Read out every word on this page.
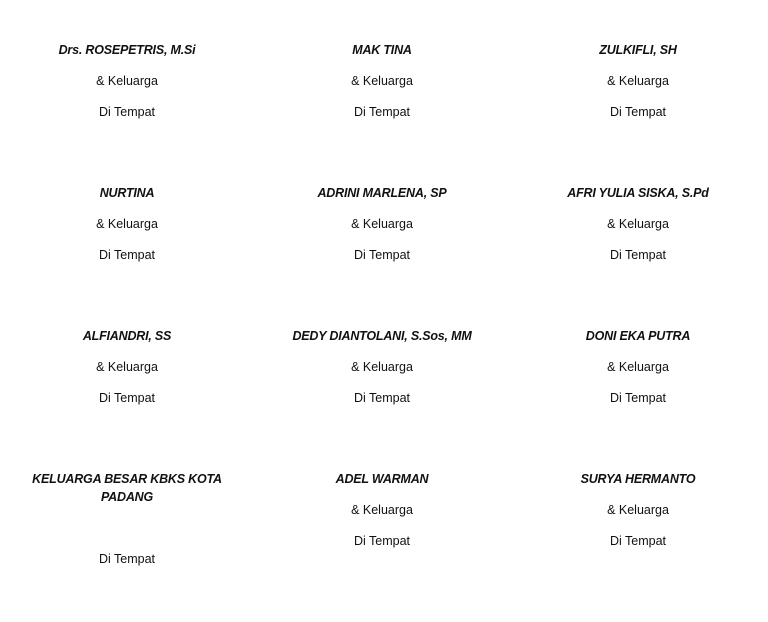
Drs. ROSEPETRIS, M.Si
& Keluarga
Di Tempat
MAK TINA
& Keluarga
Di Tempat
ZULKIFLI, SH
& Keluarga
Di Tempat
NURTINA
& Keluarga
Di Tempat
ADRINI MARLENA, SP
& Keluarga
Di Tempat
AFRI YULIA SISKA, S.Pd
& Keluarga
Di Tempat
ALFIANDRI, SS
& Keluarga
Di Tempat
DEDY DIANTOLANI, S.Sos, MM
& Keluarga
Di Tempat
DONI EKA PUTRA
& Keluarga
Di Tempat
KELUARGA BESAR KBKS KOTA PADANG
Di Tempat
ADEL WARMAN
& Keluarga
Di Tempat
SURYA HERMANTO
& Keluarga
Di Tempat
